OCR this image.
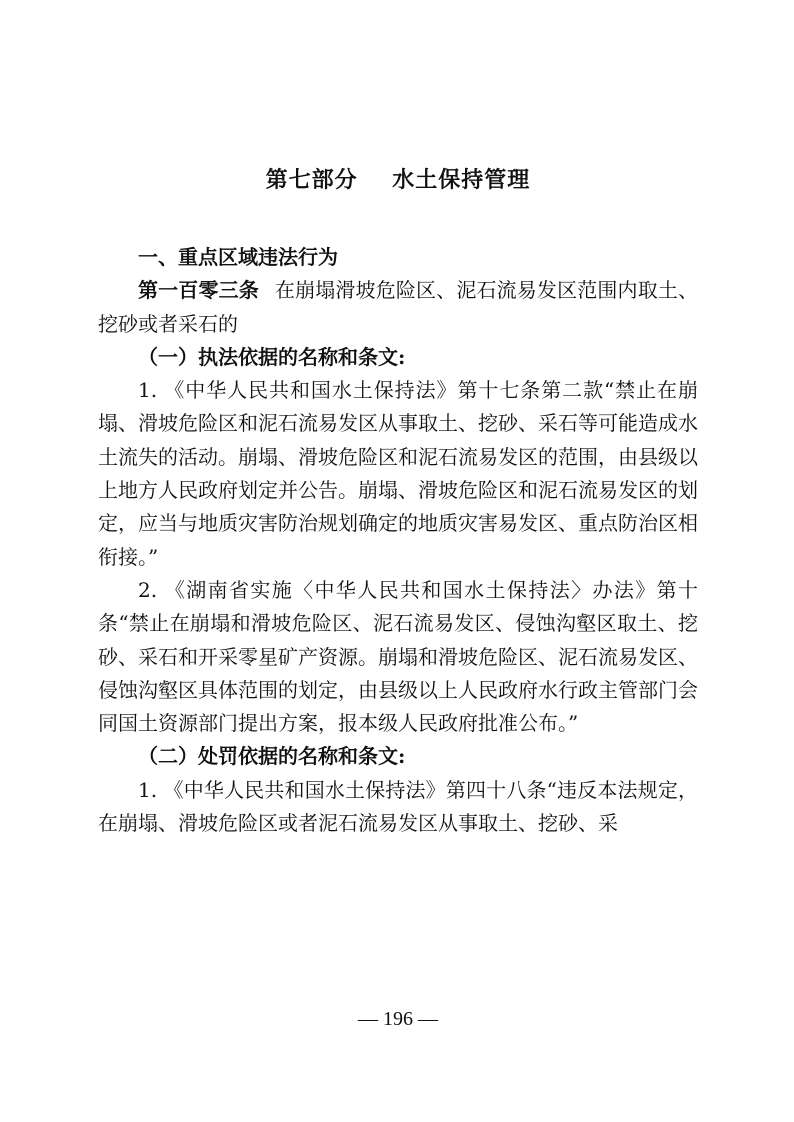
第七部分    水土保持管理

一、重点区域违法行为

第一百零三条 在崩塌滑坡危险区、泥石流易发区范围内取土、挖砂或者采石的

（一）执法依据的名称和条文:

1. 《中华人民共和国水土保持法》第十七条第二款“禁止在崩塌、滑坡危险区和泥石流易发区从事取土、挖砂、采石等可能造成水土流失的活动。崩塌、滑坡危险区和泥石流易发区的范围，由县级以上地方人民政府划定并公告。崩塌、滑坡危险区和泥石流易发区的划定，应当与地质灾害防治规划确定的地质灾害易发区、重点防治区相衔接。”

2. 《湖南省实施〈中华人民共和国水土保持法〉办法》第十条“禁止在崩塌和滑坡危险区、泥石流易发区、侵蚀沟壑区取土、挖砂、采石和开采零星矿产资源。崩塌和滑坡危险区、泥石流易发区、侵蚀沟壑区具体范围的划定，由县级以上人民政府水行政主管部门会同国土资源部门提出方案，报本级人民政府批准公布。”

（二）处罚依据的名称和条文:

1. 《中华人民共和国水土保持法》第四十八条“违反本法规定，在崩塌、滑坡危险区或者泥石流易发区从事取土、挖砂、采

— 196 —
